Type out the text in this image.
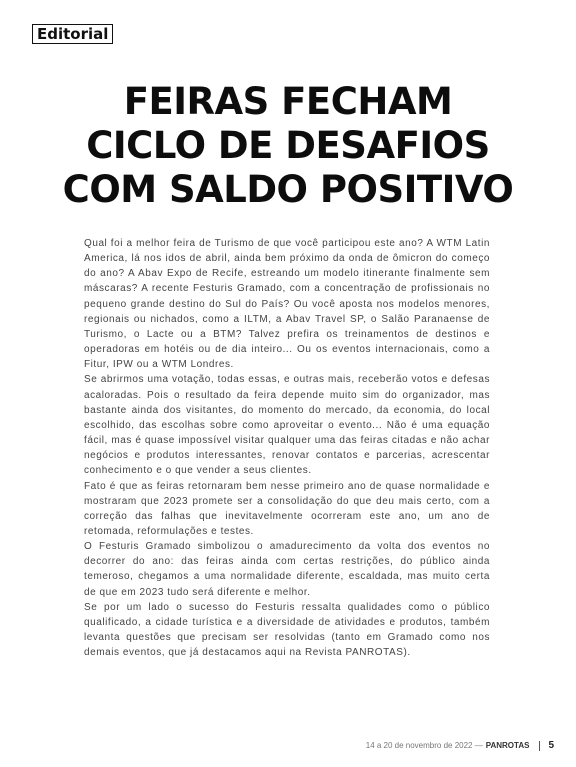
Editorial
FEIRAS FECHAM
CICLO DE DESAFIOS
COM SALDO POSITIVO

Qual foi a melhor feira de Turismo de que você participou este ano? A WTM Latin America, lá nos idos de abril, ainda bem próximo da onda de ômicron do começo do ano? A Abav Expo de Recife, estreando um modelo itinerante finalmente sem máscaras? A recente Festuris Gramado, com a concentração de profissionais no pequeno grande destino do Sul do País? Ou você aposta nos modelos menores, regionais ou nichados, como a ILTM, a Abav Travel SP, o Salão Paranaense de Turismo, o Lacte ou a BTM? Talvez prefira os treinamentos de destinos e operadoras em hotéis ou de dia inteiro... Ou os eventos internacionais, como a Fitur, IPW ou a WTM Londres.

Se abrirmos uma votação, todas essas, e outras mais, receberão votos e defesas acaloradas. Pois o resultado da feira depende muito sim do organizador, mas bastante ainda dos visitantes, do momento do mercado, da economia, do local escolhido, das escolhas sobre como aproveitar o evento... Não é uma equação fácil, mas é quase impossível visitar qualquer uma das feiras citadas e não achar negócios e produtos interessantes, renovar contatos e parcerias, acrescentar conhecimento e o que vender a seus clientes.

Fato é que as feiras retornaram bem nesse primeiro ano de quase normalidade e mostraram que 2023 promete ser a consolidação do que deu mais certo, com a correção das falhas que inevitavelmente ocorreram este ano, um ano de retomada, reformulações e testes.

O Festuris Gramado simbolizou o amadurecimento da volta dos eventos no decorrer do ano: das feiras ainda com certas restrições, do público ainda temeroso, chegamos a uma normalidade diferente, escaldada, mas muito certa de que em 2023 tudo será diferente e melhor.

Se por um lado o sucesso do Festuris ressalta qualidades como o público qualificado, a cidade turística e a diversidade de atividades e produtos, também levanta questões que precisam ser resolvidas (tanto em Gramado como nos demais eventos, que já destacamos aqui na Revista PANROTAS).

14 a 20 de novembro de 2022 — PANROTAS 5
